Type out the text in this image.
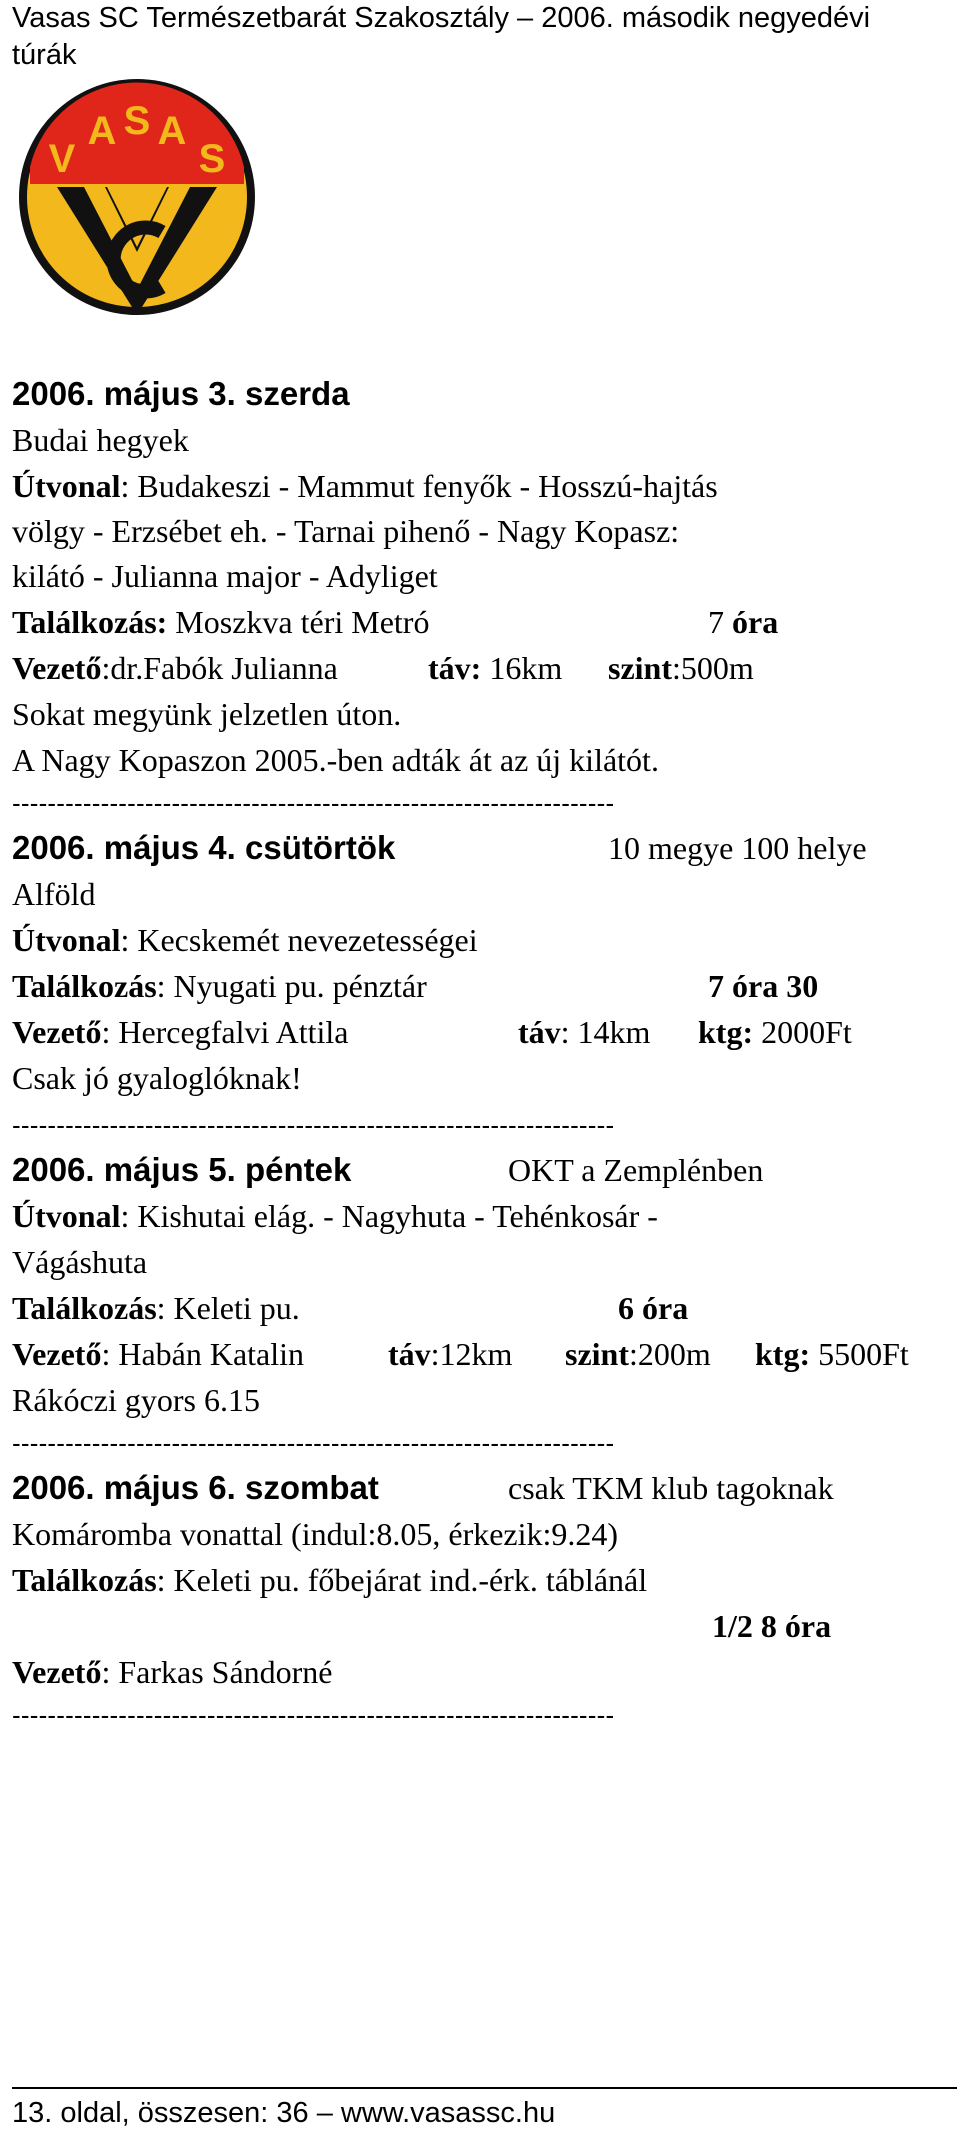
Vasas SC Természetbarát Szakosztály – 2006. második negyedévi túrák
V
A S A
S
2006. május 3. szerda
Budai hegyek
Útvonal: Budakeszi - Mammut fenyők - Hosszú-hajtás
völgy - Erzsébet eh. - Tarnai pihenő - Nagy Kopasz:
kilátó - Julianna major - Adyliget
Találkozás: Moszkva téri Metró	7 óra
Vezető:dr.Fabók Julianna	táv: 16km szint:500m
Sokat megyünk jelzetlen úton.
A Nagy Kopaszon 2005.-ben adták át az új kilátót.
--------------------------------------------------------------------
2006. május 4. csütörtök	10 megye 100 helye
Alföld
Útvonal: Kecskemét nevezetességei
Találkozás: Nyugati pu. pénztár	7 óra 30
Vezető: Hercegfalvi Attila	táv: 14km ktg: 2000Ft
Csak jó gyaloglóknak!
--------------------------------------------------------------------
2006. május 5. péntek	OKT a Zemplénben
Útvonal: Kishutai elág. - Nagyhuta - Tehénkosár -
Vágáshuta
Találkozás: Keleti pu.	6 óra
Vezető: Habán Katalin	táv:12km szint:200m ktg: 5500Ft
Rákóczi gyors 6.15
--------------------------------------------------------------------
2006. május 6. szombat	csak TKM klub tagoknak
Komáromba vonattal (indul:8.05, érkezik:9.24)
Találkozás: Keleti pu. főbejárat ind.-érk. táblánál
1/2 8 óra
Vezető: Farkas Sándorné
--------------------------------------------------------------------
13. oldal, összesen: 36 – www.vasassc.hu
